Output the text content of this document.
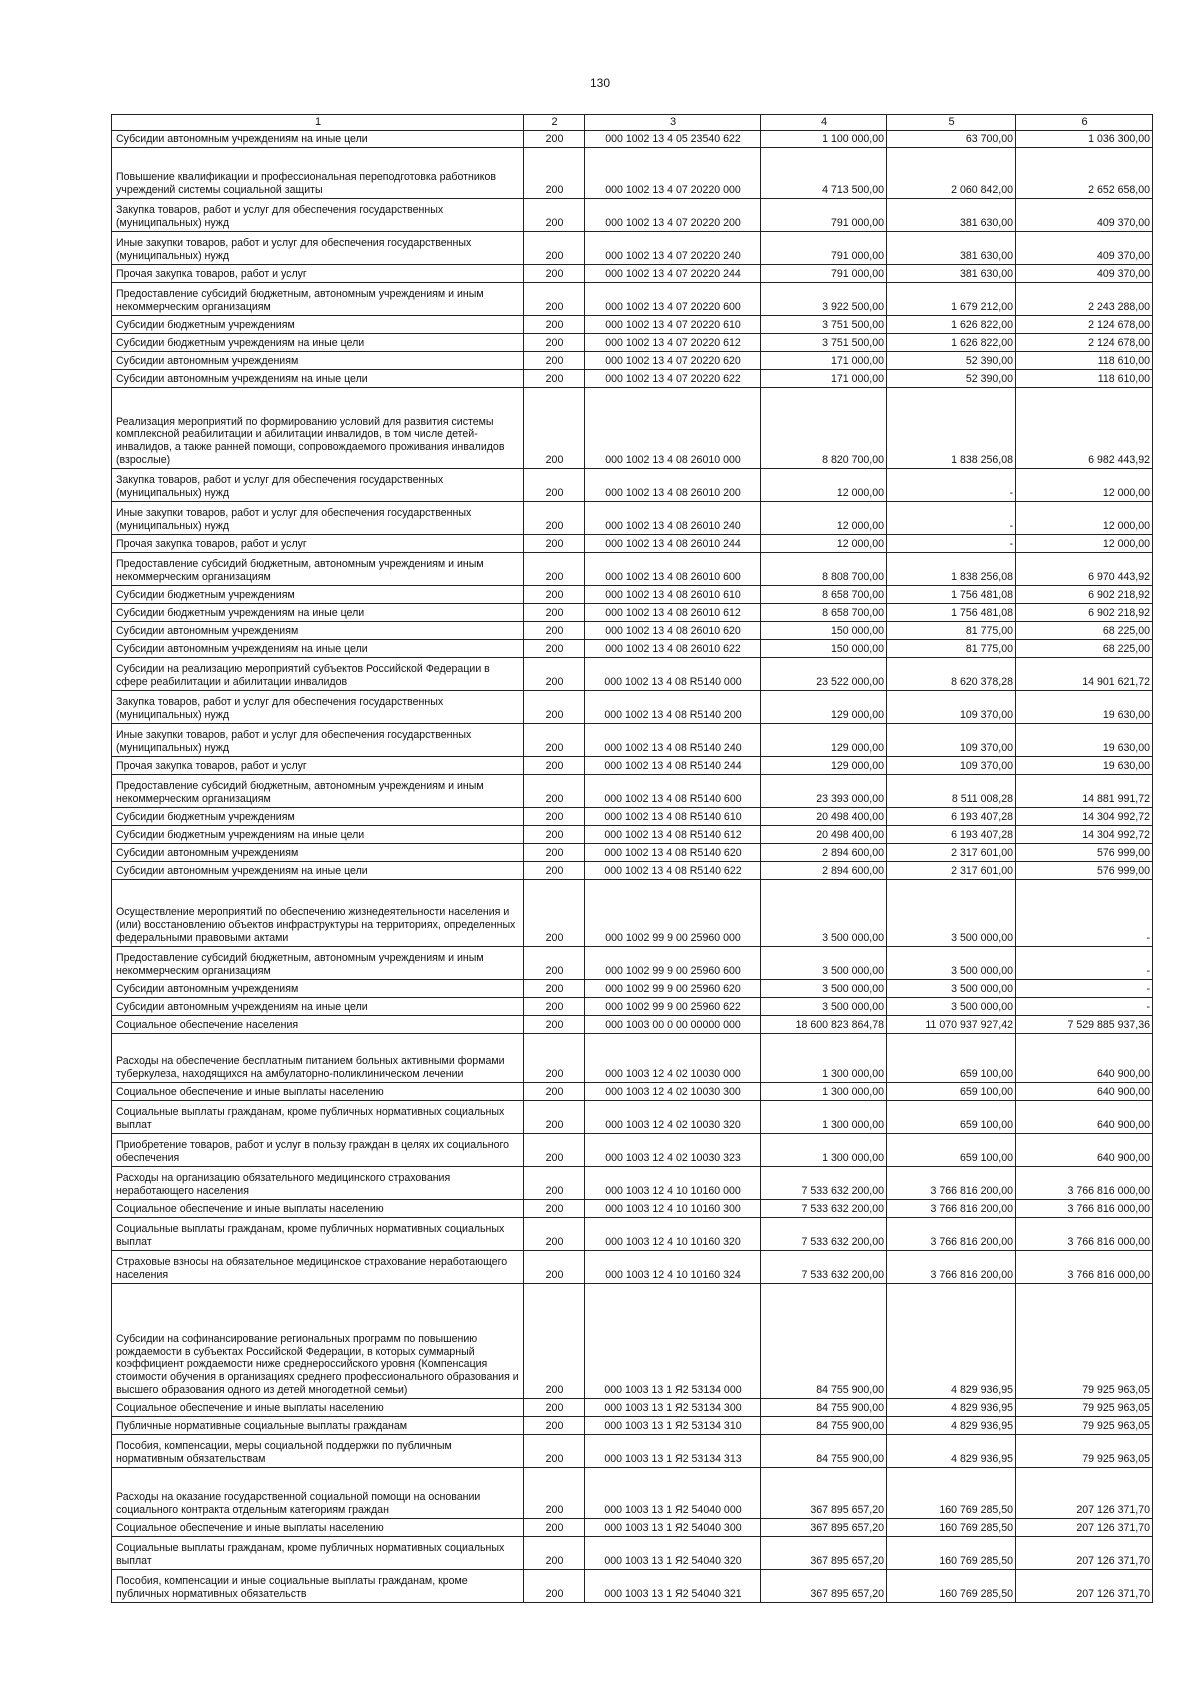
130
1	2	3	4	5	6
Субсидии автономным учреждениям на иные цели	200	000 1002 13 4 05 23540 622	1 100 000,00	63 700,00	1 036 300,00
Повышение квалификации и профессиональная переподготовка работников учреждений системы социальной защиты	200	000 1002 13 4 07 20220 000	4 713 500,00	2 060 842,00	2 652 658,00
Закупка товаров, работ и услуг для обеспечения государственных (муниципальных) нужд	200	000 1002 13 4 07 20220 200	791 000,00	381 630,00	409 370,00
Иные закупки товаров, работ и услуг для обеспечения государственных (муниципальных) нужд	200	000 1002 13 4 07 20220 240	791 000,00	381 630,00	409 370,00
Прочая закупка товаров, работ и услуг	200	000 1002 13 4 07 20220 244	791 000,00	381 630,00	409 370,00
Предоставление субсидий бюджетным, автономным учреждениям и иным некоммерческим организациям	200	000 1002 13 4 07 20220 600	3 922 500,00	1 679 212,00	2 243 288,00
Субсидии бюджетным учреждениям	200	000 1002 13 4 07 20220 610	3 751 500,00	1 626 822,00	2 124 678,00
Субсидии бюджетным учреждениям на иные цели	200	000 1002 13 4 07 20220 612	3 751 500,00	1 626 822,00	2 124 678,00
Субсидии автономным учреждениям	200	000 1002 13 4 07 20220 620	171 000,00	52 390,00	118 610,00
Субсидии автономным учреждениям на иные цели	200	000 1002 13 4 07 20220 622	171 000,00	52 390,00	118 610,00
Реализация мероприятий по формированию условий для развития системы комплексной реабилитации и абилитации инвалидов, в том числе детей-инвалидов, а также ранней помощи, сопровождаемого проживания инвалидов (взрослые)	200	000 1002 13 4 08 26010 000	8 820 700,00	1 838 256,08	6 982 443,92
Закупка товаров, работ и услуг для обеспечения государственных (муниципальных) нужд	200	000 1002 13 4 08 26010 200	12 000,00	-	12 000,00
Иные закупки товаров, работ и услуг для обеспечения государственных (муниципальных) нужд	200	000 1002 13 4 08 26010 240	12 000,00	-	12 000,00
Прочая закупка товаров, работ и услуг	200	000 1002 13 4 08 26010 244	12 000,00	-	12 000,00
Предоставление субсидий бюджетным, автономным учреждениям и иным некоммерческим организациям	200	000 1002 13 4 08 26010 600	8 808 700,00	1 838 256,08	6 970 443,92
Субсидии бюджетным учреждениям	200	000 1002 13 4 08 26010 610	8 658 700,00	1 756 481,08	6 902 218,92
Субсидии бюджетным учреждениям на иные цели	200	000 1002 13 4 08 26010 612	8 658 700,00	1 756 481,08	6 902 218,92
Субсидии автономным учреждениям	200	000 1002 13 4 08 26010 620	150 000,00	81 775,00	68 225,00
Субсидии автономным учреждениям на иные цели	200	000 1002 13 4 08 26010 622	150 000,00	81 775,00	68 225,00
Субсидии на реализацию мероприятий субъектов Российской Федерации в сфере реабилитации и абилитации инвалидов	200	000 1002 13 4 08 R5140 000	23 522 000,00	8 620 378,28	14 901 621,72
Закупка товаров, работ и услуг для обеспечения государственных (муниципальных) нужд	200	000 1002 13 4 08 R5140 200	129 000,00	109 370,00	19 630,00
Иные закупки товаров, работ и услуг для обеспечения государственных (муниципальных) нужд	200	000 1002 13 4 08 R5140 240	129 000,00	109 370,00	19 630,00
Прочая закупка товаров, работ и услуг	200	000 1002 13 4 08 R5140 244	129 000,00	109 370,00	19 630,00
Предоставление субсидий бюджетным, автономным учреждениям и иным некоммерческим организациям	200	000 1002 13 4 08 R5140 600	23 393 000,00	8 511 008,28	14 881 991,72
Субсидии бюджетным учреждениям	200	000 1002 13 4 08 R5140 610	20 498 400,00	6 193 407,28	14 304 992,72
Субсидии бюджетным учреждениям на иные цели	200	000 1002 13 4 08 R5140 612	20 498 400,00	6 193 407,28	14 304 992,72
Субсидии автономным учреждениям	200	000 1002 13 4 08 R5140 620	2 894 600,00	2 317 601,00	576 999,00
Субсидии автономным учреждениям на иные цели	200	000 1002 13 4 08 R5140 622	2 894 600,00	2 317 601,00	576 999,00
Осуществление мероприятий по обеспечению жизнедеятельности населения и (или) восстановлению объектов инфраструктуры на территориях, определенных федеральными правовыми актами	200	000 1002 99 9 00 25960 000	3 500 000,00	3 500 000,00	-
Предоставление субсидий бюджетным, автономным учреждениям и иным некоммерческим организациям	200	000 1002 99 9 00 25960 600	3 500 000,00	3 500 000,00	-
Субсидии автономным учреждениям	200	000 1002 99 9 00 25960 620	3 500 000,00	3 500 000,00	-
Субсидии автономным учреждениям на иные цели	200	000 1002 99 9 00 25960 622	3 500 000,00	3 500 000,00	-
Социальное обеспечение населения	200	000 1003 00 0 00 00000 000	18 600 823 864,78	11 070 937 927,42	7 529 885 937,36
Расходы на обеспечение бесплатным питанием больных активными формами туберкулеза, находящихся на амбулаторно-поликлиническом лечении	200	000 1003 12 4 02 10030 000	1 300 000,00	659 100,00	640 900,00
Социальное обеспечение и иные выплаты населению	200	000 1003 12 4 02 10030 300	1 300 000,00	659 100,00	640 900,00
Социальные выплаты гражданам, кроме публичных нормативных социальных выплат	200	000 1003 12 4 02 10030 320	1 300 000,00	659 100,00	640 900,00
Приобретение товаров, работ и услуг в пользу граждан в целях их социального обеспечения	200	000 1003 12 4 02 10030 323	1 300 000,00	659 100,00	640 900,00
Расходы на организацию обязательного медицинского страхования неработающего населения	200	000 1003 12 4 10 10160 000	7 533 632 200,00	3 766 816 200,00	3 766 816 000,00
Социальное обеспечение и иные выплаты населению	200	000 1003 12 4 10 10160 300	7 533 632 200,00	3 766 816 200,00	3 766 816 000,00
Социальные выплаты гражданам, кроме публичных нормативных социальных выплат	200	000 1003 12 4 10 10160 320	7 533 632 200,00	3 766 816 200,00	3 766 816 000,00
Страховые взносы на обязательное медицинское страхование неработающего населения	200	000 1003 12 4 10 10160 324	7 533 632 200,00	3 766 816 200,00	3 766 816 000,00
Субсидии на софинансирование региональных программ по повышению рождаемости в субъектах Российской Федерации, в которых суммарный коэффициент рождаемости ниже среднероссийского уровня (Компенсация стоимости обучения в организациях среднего профессионального образования и высшего образования одного из детей многодетной семьи)	200	000 1003 13 1 Я2 53134 000	84 755 900,00	4 829 936,95	79 925 963,05
Социальное обеспечение и иные выплаты населению	200	000 1003 13 1 Я2 53134 300	84 755 900,00	4 829 936,95	79 925 963,05
Публичные нормативные социальные выплаты гражданам	200	000 1003 13 1 Я2 53134 310	84 755 900,00	4 829 936,95	79 925 963,05
Пособия, компенсации, меры социальной поддержки по публичным нормативным обязательствам	200	000 1003 13 1 Я2 53134 313	84 755 900,00	4 829 936,95	79 925 963,05
Расходы на оказание государственной социальной помощи на основании социального контракта отдельным категориям граждан	200	000 1003 13 1 Я2 54040 000	367 895 657,20	160 769 285,50	207 126 371,70
Социальное обеспечение и иные выплаты населению	200	000 1003 13 1 Я2 54040 300	367 895 657,20	160 769 285,50	207 126 371,70
Социальные выплаты гражданам, кроме публичных нормативных социальных выплат	200	000 1003 13 1 Я2 54040 320	367 895 657,20	160 769 285,50	207 126 371,70
Пособия, компенсации и иные социальные выплаты гражданам, кроме публичных нормативных обязательств	200	000 1003 13 1 Я2 54040 321	367 895 657,20	160 769 285,50	207 126 371,70
